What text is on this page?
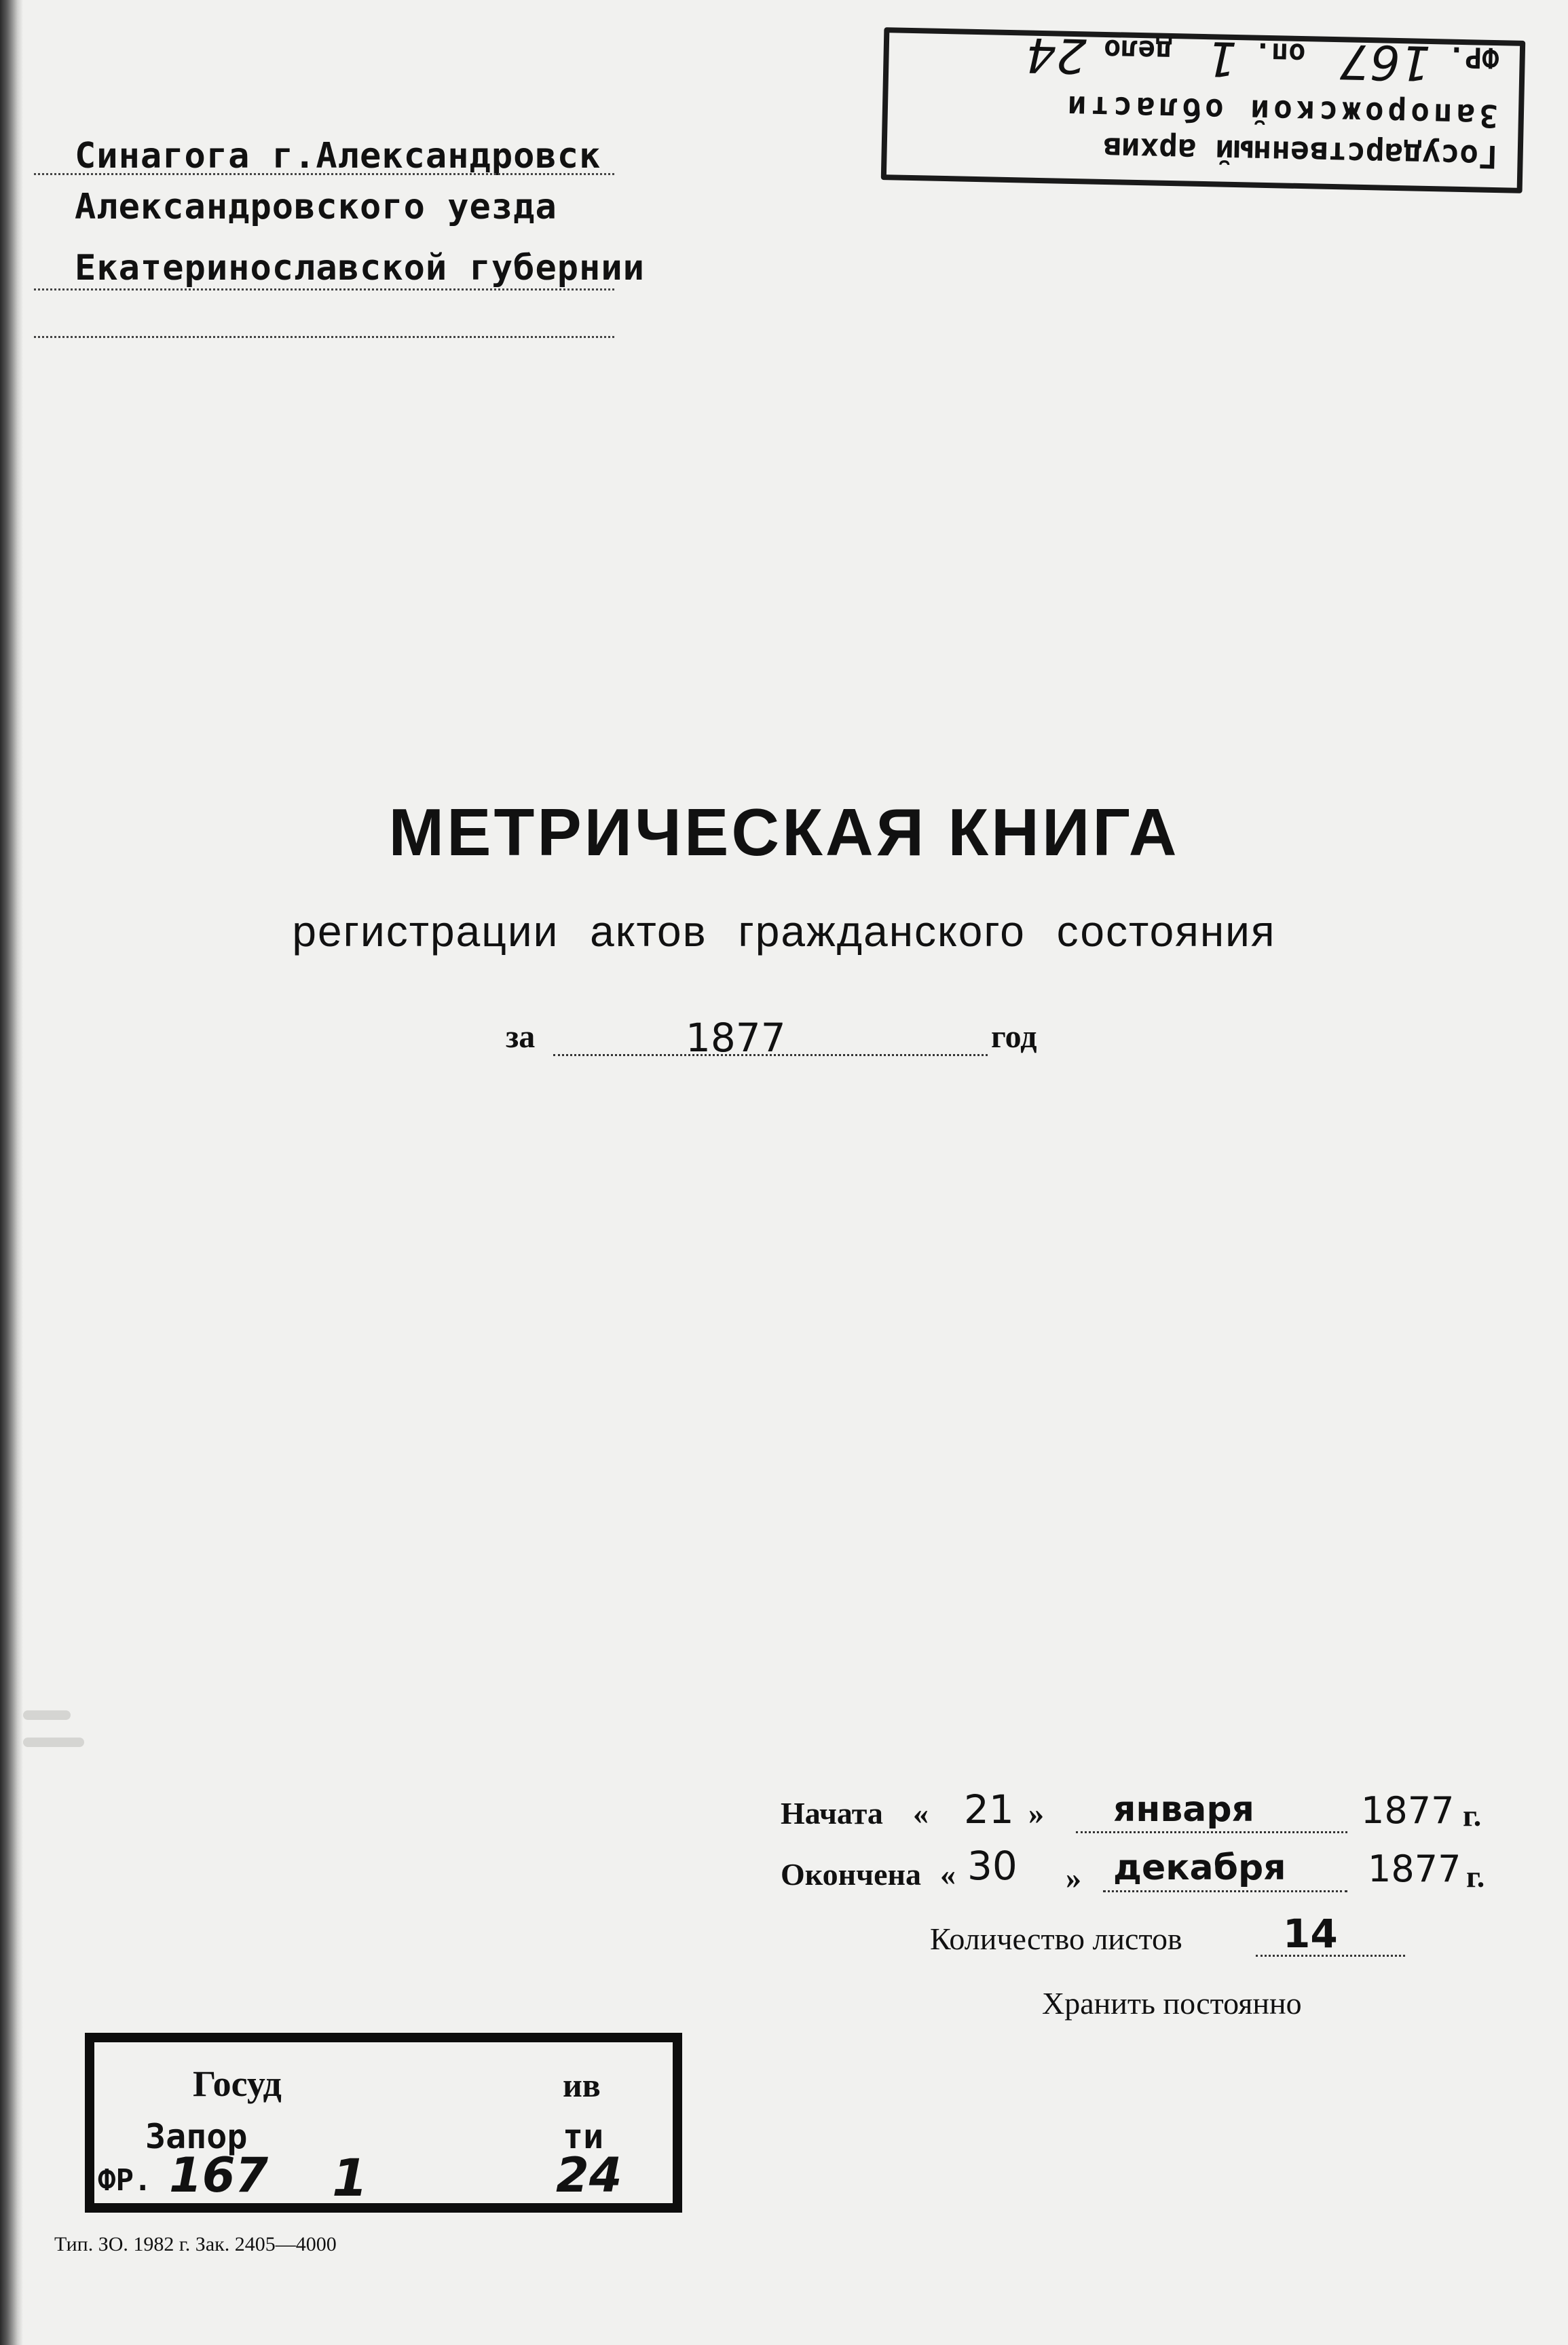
Синагога г.Александровск
Александровского уезда
Екатеринославской губернии
Государственный архив
Запорожской области
ФР. 167  оп. 1  дело 24
МЕТРИЧЕСКАЯ КНИГА
регистрации актов гражданского состояния
за	1877	год
Начата « 21 » января	1877 г.
Окончена « 30 » декабря 1877 г.
Количество листов	14
Хранить постоянно
Госуд	ив
Запор	ти
ФР. 167 1	24
Тип. ЗО. 1982 г. Зак. 2405—4000
